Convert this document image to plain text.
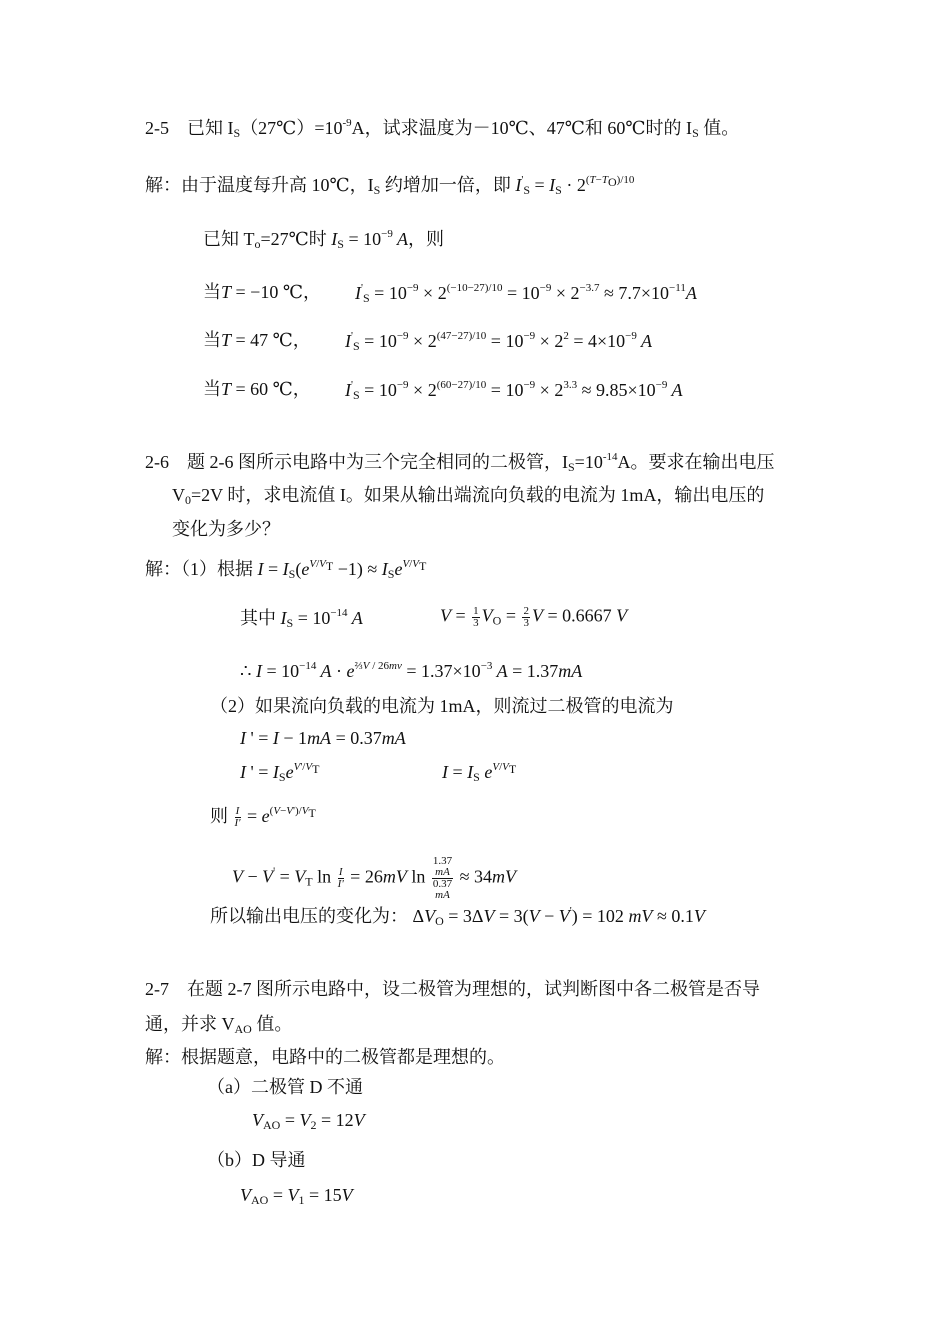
2-5　已知 $I_S(27℃)=10^{-9}A$，试求温度为－10℃、47℃和 60℃时的 $I_S$ 值。
解：由于温度每升高 10℃，$I_S$ 约增加一倍，即 $I'_S = I_S \cdot 2^{(T-T_O)/10}$
已知 $T_o=27℃$时 $I_S = 10^{-9}$ A，则
当T = −10 ℃， $I'_S = 10^{-9} \times 2^{(-10-27)/10} = 10^{-9} \times 2^{-3.7} \approx 7.7\times 10^{-11}A$
当T = 47 ℃， $I'_S = 10^{-9} \times 2^{(47-27)/10} = 10^{-9} \times 2^2 = 4\times 10^{-9}$ A
当T = 60 ℃， $I'_S = 10^{-9} \times 2^{(60-27)/10} = 10^{-9} \times 2^{3.3} \approx 9.85\times 10^{-9}$ A
2-6　题 2-6 图所示电路中为三个完全相同的二极管，$I_S=10^{-14}A$。要求在输出电压
$V_0=2V$ 时，求电流值 I。如果从输出端流向负载的电流为 1mA，输出电压的
变化为多少？
解：（1）根据 $I = I_S(e^{V/V_T} -1) \approx I_Se^{V/V_T}$
其中 $I_S = 10^{-14}$ A	$V = \frac{1}{3} V_O = \frac{2}{3}$ V = 0.6667 V
∴ $I = 10^{-14}$ $A \cdot e^{\frac{2}{3}V / 26mv} = 1.37\times 10^{-3}$ A = 1.37mA
（2）如果流向负载的电流为 1mA，则流过二极管的电流为
I ' = I − 1mA = 0.37mA
I ' = $I_Se^{V'/V_T}$	$I = I_S$ $e^{V/V_T}$
则 $\frac{I}{I'} = e^{(V-V')/V_T}$
$V - V' = V_T$ $\ln \frac{I}{I'} = 26mV$ ln 1.37
mA
0.37
mA ≈ 34mV
所以输出电压的变化为： $\Delta V_O = 3\Delta V = 3(V - V') = 102$ mV ≈ 0.1V
2-7　在题 2-7 图所示电路中，设二极管为理想的，试判断图中各二极管是否导
通，并求 $V_{AO}$ 值。
解：根据题意，电路中的二极管都是理想的。
（a）二极管 D 不通
$V_{AO} = V_2 = 12V$
（b）D 导通
$V_{AO} = V_1 = 15V$
